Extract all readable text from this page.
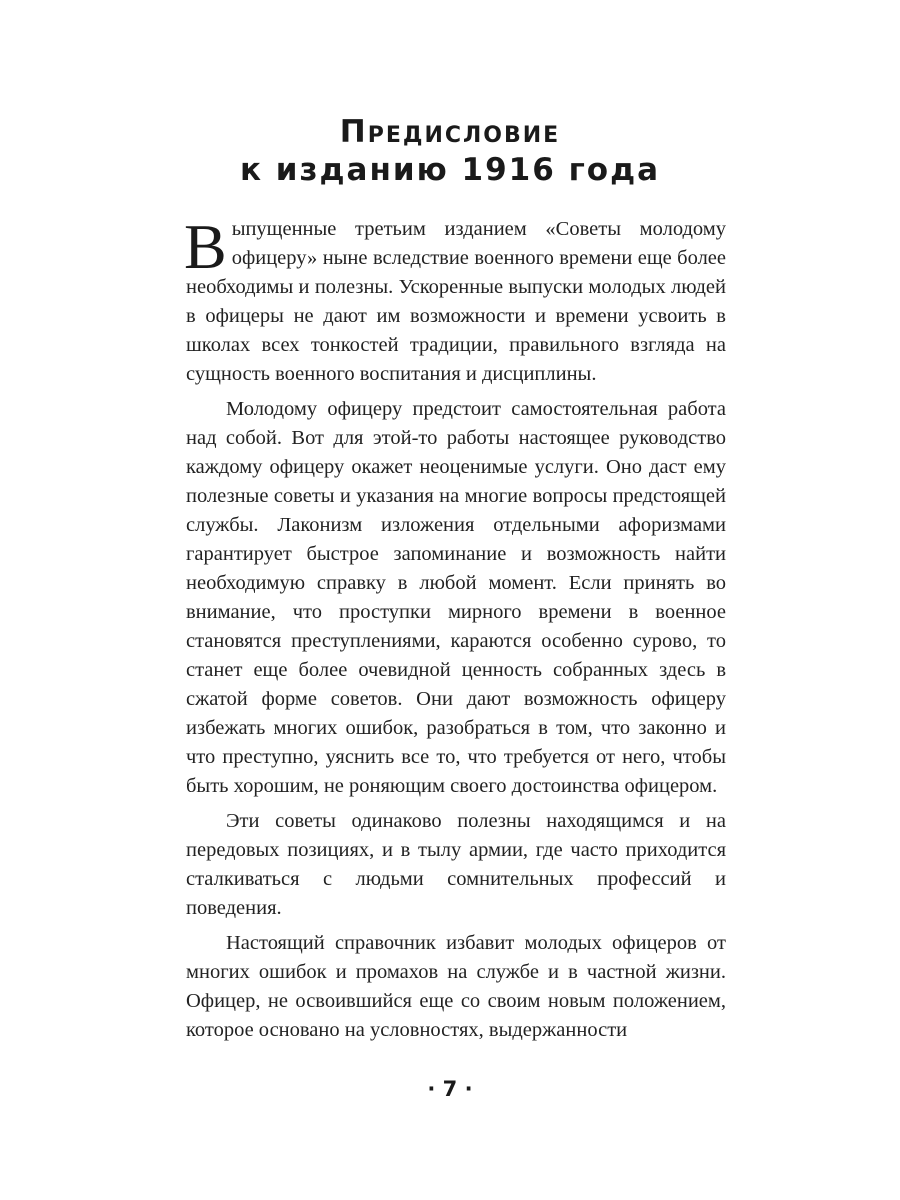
Предисловие
к изданию 1916 года

Выпущенные третьим изданием «Советы молодому офицеру» ныне вследствие военного времени еще более необходимы и полезны. Ускоренные выпуски молодых людей в офицеры не дают им возможности и времени усвоить в школах всех тонкостей традиции, правильного взгляда на сущность военного воспитания и дисциплины.

Молодому офицеру предстоит самостоятельная работа над собой. Вот для этой-то работы настоящее руководство каждому офицеру окажет неоценимые услуги. Оно даст ему полезные советы и указания на многие вопросы предстоящей службы. Лаконизм изложения отдельными афоризмами гарантирует быстрое запоминание и возможность найти необходимую справку в любой момент. Если принять во внимание, что проступки мирного времени в военное становятся преступлениями, караются особенно сурово, то станет еще более очевидной ценность собранных здесь в сжатой форме советов. Они дают возможность офицеру избежать многих ошибок, разобраться в том, что законно и что преступно, уяснить все то, что требуется от него, чтобы быть хорошим, не роняющим своего достоинства офицером.

Эти советы одинаково полезны находящимся и на передовых позициях, и в тылу армии, где часто приходится сталкиваться с людьми сомнительных профессий и поведения.

Настоящий справочник избавит молодых офицеров от многих ошибок и промахов на службе и в частной жизни. Офицер, не освоившийся еще со своим новым положением, которое основано на условностях, выдержанности

· 7 ·
